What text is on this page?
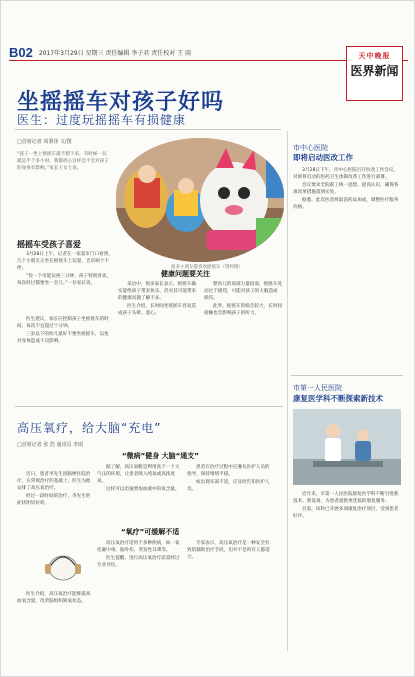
B02 2017年3月29日 星期三 责任编辑 李子君 责任校对 王 雨	天中晚报
医界新闻
坐摇摇车对孩子好吗
医生：过度玩摇摇车有损健康
□首席记者 周秉泽 文/图
“孩子一坐上摇摇车就不想下来，有时候一玩就是半个多小时，我都担心这样会不会对孩子的身体有影响。”家长王女士说。
很多小朋友都喜欢摇摇车（资料图）
摇摇车受孩子喜爱

3月28日上午，记者在一家超市门口看到，几个小朋友正坐在摇摇车上玩耍，音乐响个不停。

“投一个币能玩两三分钟，孩子特别喜欢，每次经过都要坐一会儿。”一位家长说。

医生建议，家长应控制孩子坐摇摇车的时间，每次不宜超过十分钟。

三岁以下的幼儿最好不要坐摇摇车，以免对身体造成不良影响。

健康问题要关注

采访中，很多家长表示，摇摇车确实能给孩子带来快乐，但对其可能带来的健康问题了解不多。

医生介绍，长时间坐摇摇车容易造成孩子头晕、恶心。

婴幼儿的颈部力量较弱，摇摇车晃动过于剧烈，可能对孩子的大脑造成损伤。

此外，摇摇车的噪音较大，长时间接触也会影响孩子的听力。

高压氧疗，给大脑“充电”
□首席记者 张 浩 通讯员 李雨

近日，患者李先生因脑梗住院治疗，在常规治疗的基础上，医生为他安排了高压氧治疗。

经过一段时间的治疗，李先生的症状明显好转。

医生介绍，高压氧治疗能够提高血氧含量，改善脑组织缺氧状态。

“微病”健身 大脑“通支”

据了解，高压氧舱是利用高于一个大气压的环境，让患者吸入纯氧或高浓度氧。

这样可以迅速增加血液中的氧含量。

“氧疗”可缓解不适

高压氧治疗适用于多种疾病，如一氧化碳中毒、脑外伤、突发性耳聋等。

医生提醒，进行高压氧治疗前需经过专业评估。

患者在治疗过程中应遵从医护人员的指导，保持情绪平稳。

如出现耳部不适，应及时告知医护人员。

专家表示，高压氧治疗是一种安全有效的辅助治疗手段，但并不是所有人都适合。

市中心医院
即将启动医改工作

3月28日下午，市中心医院召开医改工作会议，对即将启动的医药卫生体制改革工作进行部署。

会议要求全院职工统一思想，提高认识，确保各项改革措施落到实处。

据悉，此次医改将取消药品加成，调整医疗服务价格。

市第一人民医院
康复医学科不断探索新技术

近年来，市第一人民医院康复医学科不断引进新技术、新设备，为患者提供更优质的康复服务。

目前，该科已开展多项康复治疗项目，受到患者好评。
